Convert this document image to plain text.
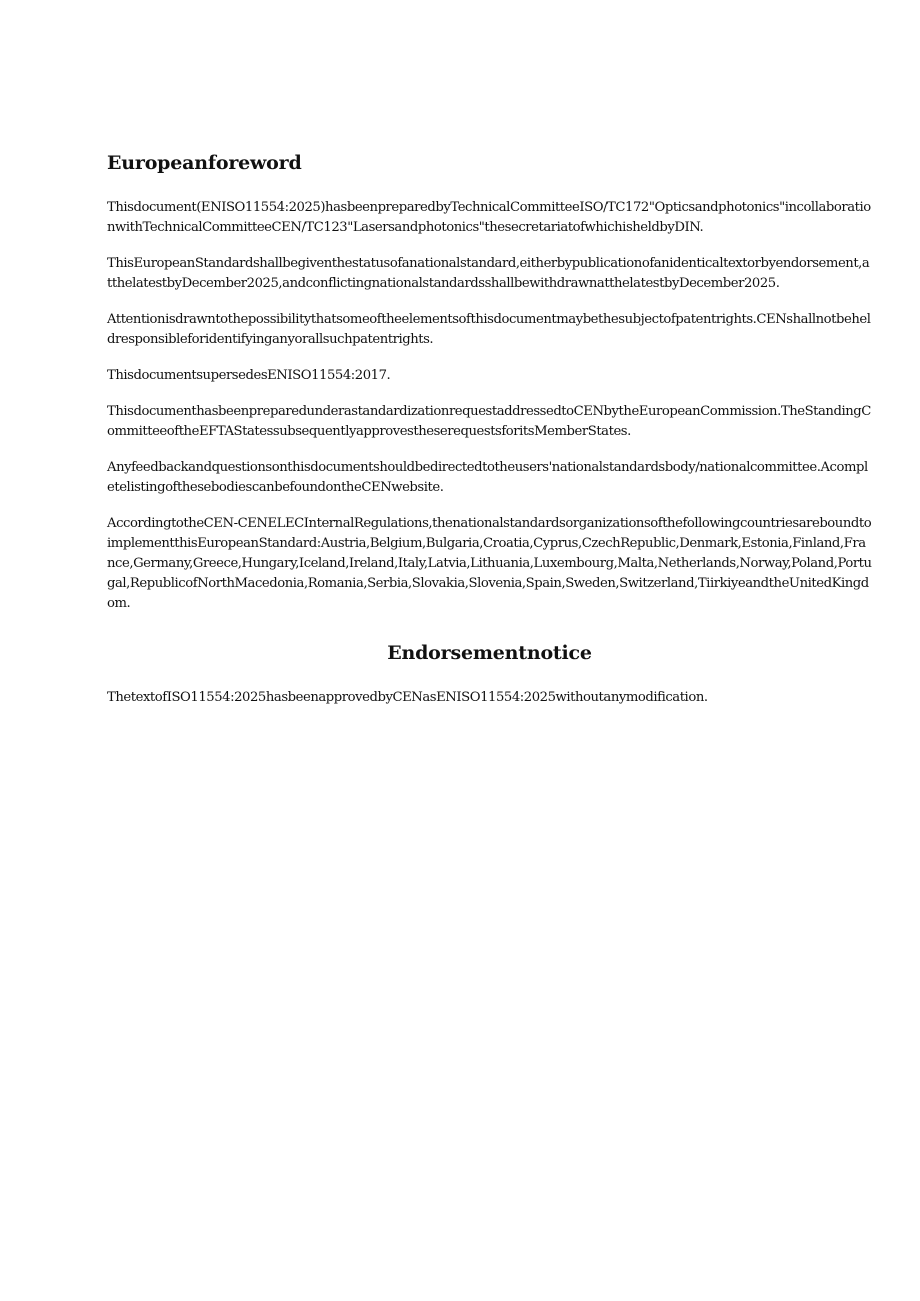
Europeanforeword

Thisdocument(ENISO11554:2025)hasbeenpreparedbyTechnicalCommitteeISO/TC172"Opticsandphotonics"incollaborationwithTechnicalCommitteeCEN/TC123"Lasersandphotonics"thesecretariatofwhichisheldbyDIN.

ThisEuropeanStandardshallbegiventhestatusofanationalstandard,eitherbypublicationofanidenticaltextorbyendorsement,atthelatestbyDecember2025,andconflictingnationalstandardsshallbewithdrawnatthelatestbyDecember2025.

Attentionisdrawntothepossibilitythatsomeoftheelementsofthisdocumentmaybethesubjectofpatentrights.CENshallnotbeheldresponsibleforidentifyinganyorallsuchpatentrights.

ThisdocumentsupersedesENISO11554:2017.

ThisdocumenthasbeenpreparedunderastandardizationrequestaddressedtoCENbytheEuropeanCommission.TheStandingCommitteeoftheEFTAStatessubsequentlyapprovestheserequestsforitsMemberStates.

Anyfeedbackandquestionsonthisdocumentshouldbedirectedtotheusers'nationalstandardsbody/nationalcommittee.AcompletelistingofthesebodiescanbefoundontheCENwebsite.

AccordingtotheCEN-CENELECInternalRegulations,thenationalstandardsorganizationsofthefollowingcountriesareboundtoimplementthisEuropeanStandard:Austria,Belgium,Bulgaria,Croatia,Cyprus,CzechRepublic,Denmark,Estonia,Finland,France,Germany,Greece,Hungary,Iceland,Ireland,Italy,Latvia,Lithuania,Luxembourg,Malta,Netherlands,Norway,Poland,Portugal,RepublicofNorthMacedonia,Romania,Serbia,Slovakia,Slovenia,Spain,Sweden,Switzerland,TiirkiyeandtheUnitedKingdom.

Endorsementnotice

ThetextofISO11554:2025hasbeenapprovedbyCENasENISO11554:2025withoutanymodification.
